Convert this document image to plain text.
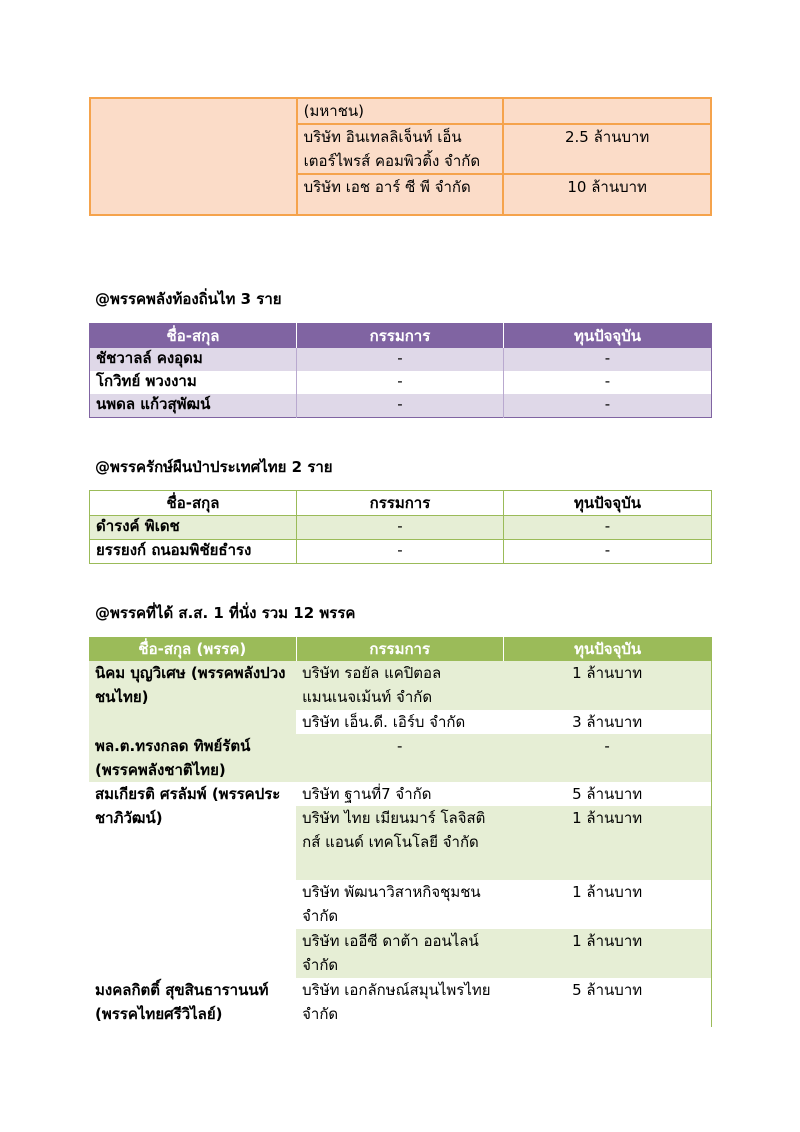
	(มหาชน)	
	บริษัท อินเทลลิเจ็นท์ เอ็น เตอร์ไพรส์ คอมพิวติ้ง จำกัด	2.5 ล้านบาท
	บริษัท เอช อาร์ ซี พี จำกัด	10 ล้านบาท
@พรรคพลังท้องถิ่นไท 3 ราย
ชื่อ-สกุล	กรรมการ	ทุนปัจจุบัน
ชัชวาลล์ คงอุดม	-	-
โกวิทย์ พวงงาม	-	-
นพดล แก้วสุพัฒน์	-	-
@พรรครักษ์ผืนป่าประเทศไทย 2 ราย
ชื่อ-สกุล	กรรมการ	ทุนปัจจุบัน
ดำรงค์ พิเดช	-	-
ยรรยงก์ ถนอมพิชัยธำรง	-	-
@พรรคที่ได้ ส.ส. 1 ที่นั่ง รวม 12 พรรค
ชื่อ-สกุล (พรรค)	กรรมการ	ทุนปัจจุบัน
นิคม บุญวิเศษ (พรรคพลังปวงชนไทย)	บริษัท รอยัล แคปิตอล แมนเนจเม้นท์ จำกัด	1 ล้านบาท
	บริษัท เอ็น.ดี. เอิร์บ จำกัด	3 ล้านบาท
พล.ต.ทรงกลด ทิพย์รัตน์ (พรรคพลังชาติไทย)	-	-
สมเกียรติ ศรลัมพ์ (พรรคประชาภิวัฒน์)	บริษัท ฐานที่7 จำกัด	5 ล้านบาท
	บริษัท ไทย เมียนมาร์ โลจิสติกส์ แอนด์ เทคโนโลยี จำกัด	1 ล้านบาท
	บริษัท พัฒนาวิสาหกิจชุมชน จำกัด	1 ล้านบาท
	บริษัท เออีซี ดาต้า ออนไลน์ จำกัด	1 ล้านบาท
มงคลกิตติ์ สุขสินธารานนท์ (พรรคไทยศรีวิไลย์)	บริษัท เอกลักษณ์สมุนไพรไทย จำกัด	5 ล้านบาท
